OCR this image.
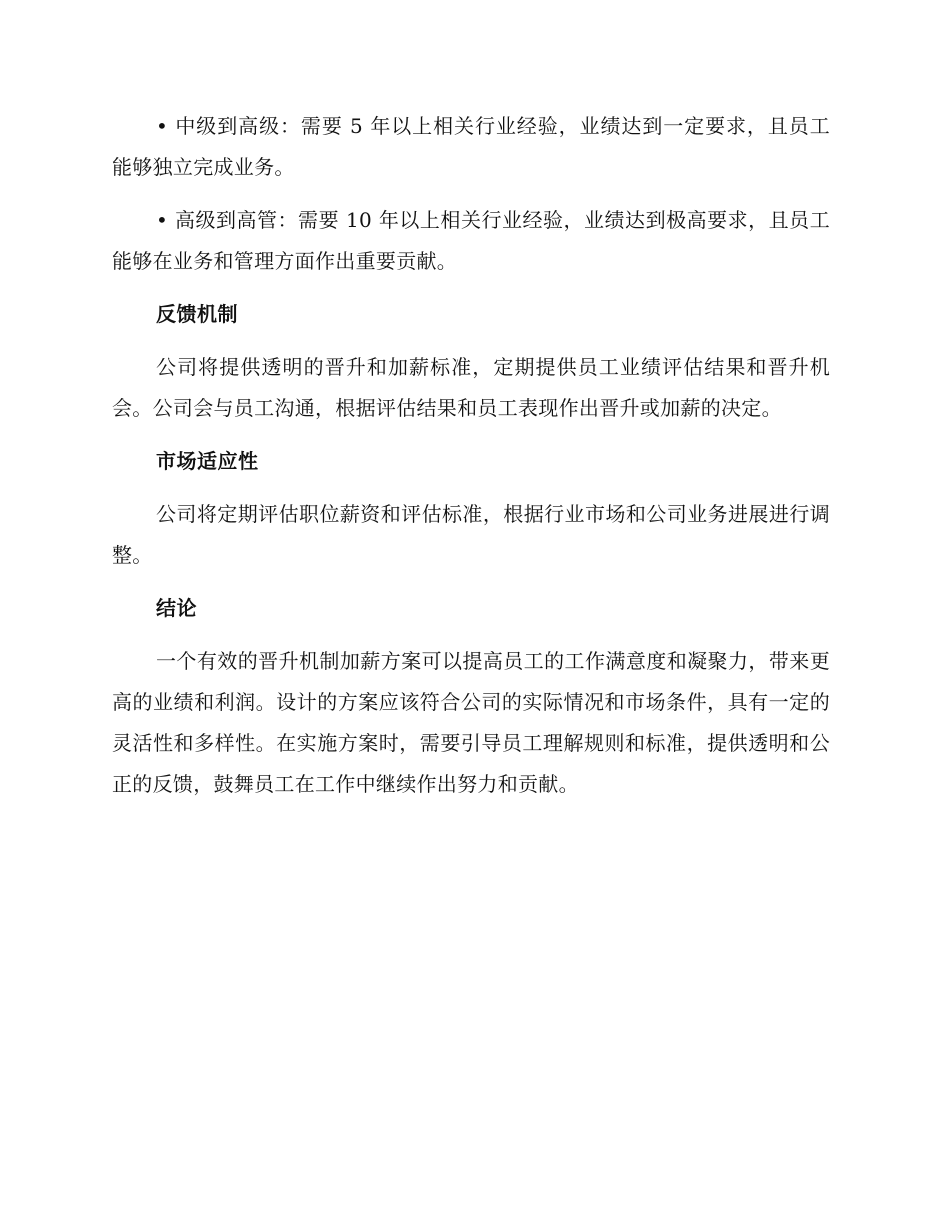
• 中级到高级：需要 5 年以上相关行业经验，业绩达到一定要求，且员工能够独立完成业务。

• 高级到高管：需要 10 年以上相关行业经验，业绩达到极高要求，且员工能够在业务和管理方面作出重要贡献。

反馈机制

公司将提供透明的晋升和加薪标准，定期提供员工业绩评估结果和晋升机会。公司会与员工沟通，根据评估结果和员工表现作出晋升或加薪的决定。

市场适应性

公司将定期评估职位薪资和评估标准，根据行业市场和公司业务进展进行调整。

结论

一个有效的晋升机制加薪方案可以提高员工的工作满意度和凝聚力，带来更高的业绩和利润。设计的方案应该符合公司的实际情况和市场条件，具有一定的灵活性和多样性。在实施方案时，需要引导员工理解规则和标准，提供透明和公正的反馈，鼓舞员工在工作中继续作出努力和贡献。
